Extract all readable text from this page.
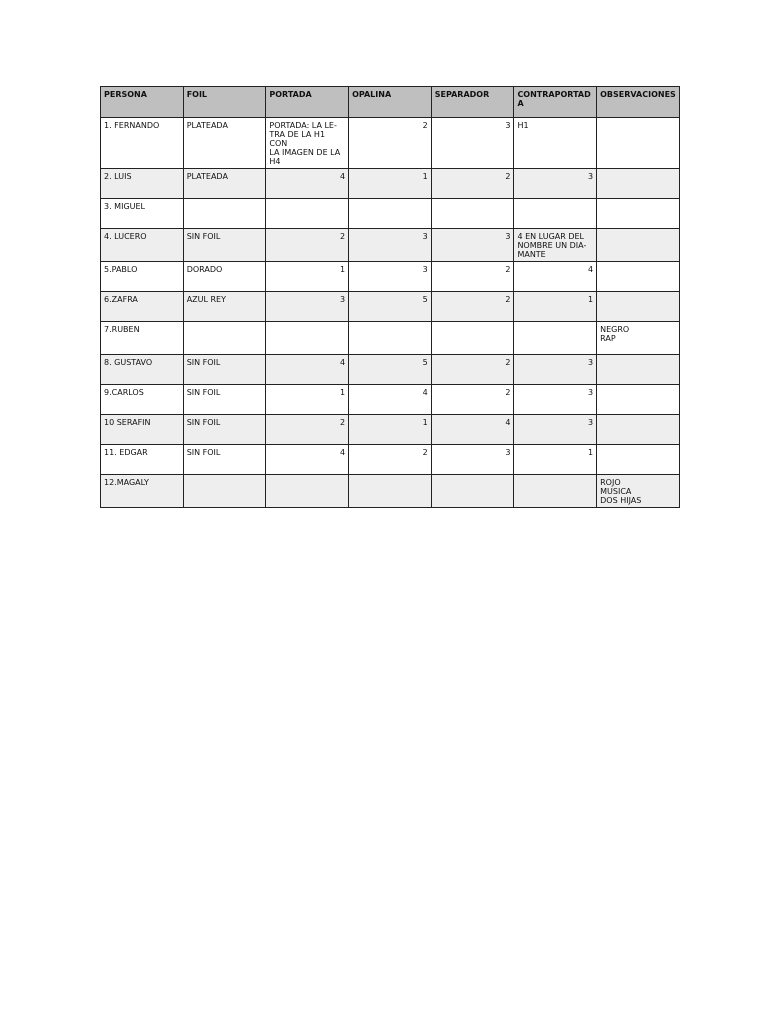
PERSONA	FOIL	PORTADA	OPALINA	SEPARADOR	CONTRAPORTADA	OBSERVACIONES
1. FERNANDO	PLATEADA	PORTADA: LA LE-
TRA DE LA H1 CON
LA IMAGEN DE LA
H4	2	3	H1	
2. LUIS	PLATEADA	4	1	2	3	
3. MIGUEL						
4. LUCERO	SIN FOIL	2	3	3	4 EN LUGAR DEL
NOMBRE UN DIA-
MANTE	
5.PABLO	DORADO	1	3	2	4	
6.ZAFRA	AZUL REY	3	5	2	1	
7.RUBEN						NEGRO
RAP
8. GUSTAVO	SIN FOIL	4	5	2	3	
9.CARLOS	SIN FOIL	1	4	2	3	
10 SERAFIN	SIN FOIL	2	1	4	3	
11. EDGAR	SIN FOIL	4	2	3	1	
12.MAGALY						ROJO
MUSICA
DOS HIJAS
